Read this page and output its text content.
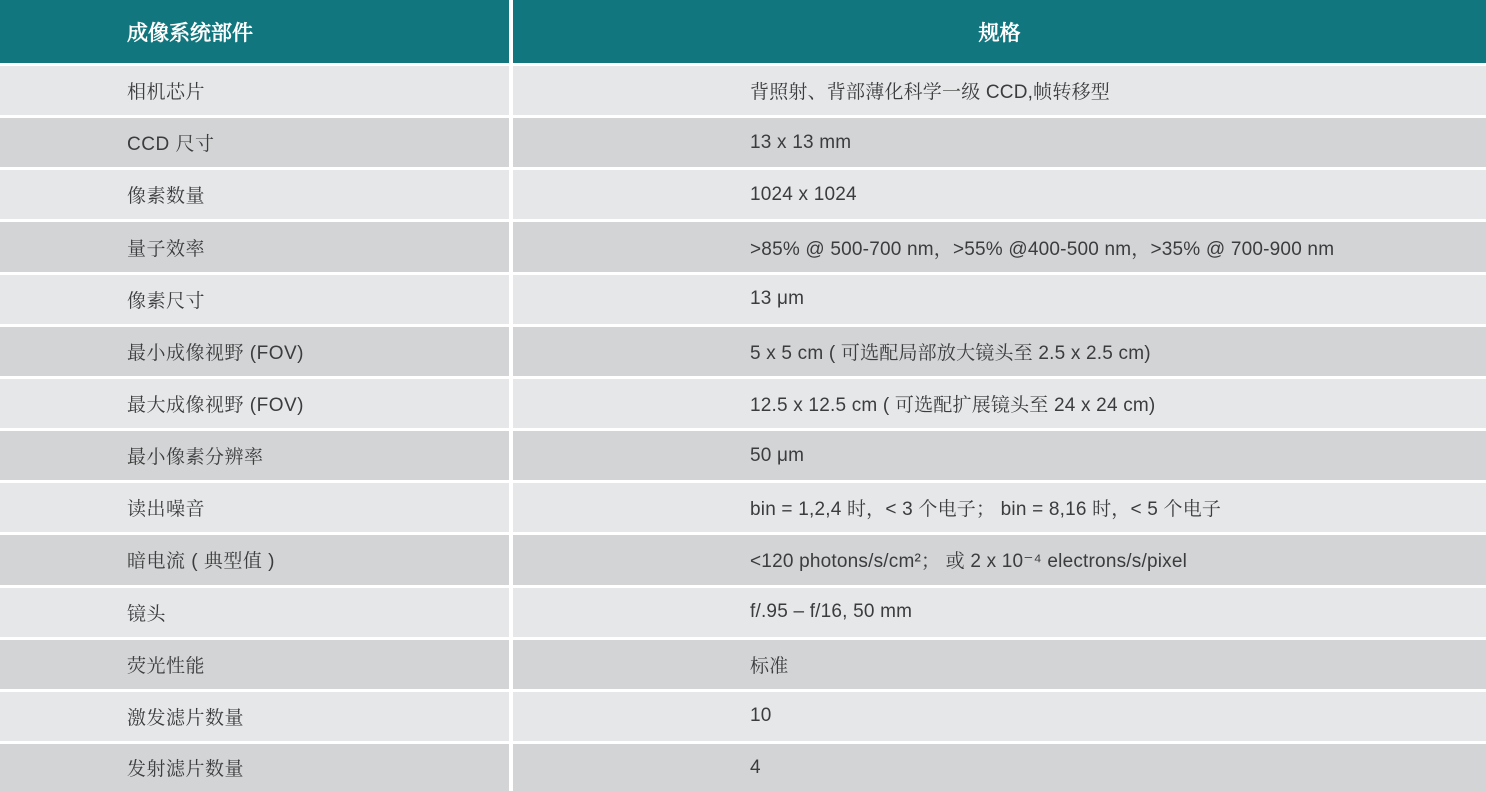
成像系统部件	规格
相机芯片	背照射、背部薄化科学一级 CCD,帧转移型
CCD 尺寸	13 x 13 mm
像素数量	1024 x 1024
量子效率	>85% @ 500-700 nm，>55% @400-500 nm，>35% @ 700-900 nm
像素尺寸	13 μm
最小成像视野 (FOV)	5 x 5 cm ( 可选配局部放大镜头至 2.5 x 2.5 cm)
最大成像视野 (FOV)	12.5 x 12.5 cm ( 可选配扩展镜头至 24 x 24 cm)
最小像素分辨率	50 μm
读出噪音	bin = 1,2,4 时，< 3 个电子； bin = 8,16 时，< 5 个电子
暗电流 ( 典型值 )	<120 photons/s/cm²； 或 2 x 10⁻⁴ electrons/s/pixel
镜头	f/.95 – f/16, 50 mm
荧光性能	标准
激发滤片数量	10
发射滤片数量	4
